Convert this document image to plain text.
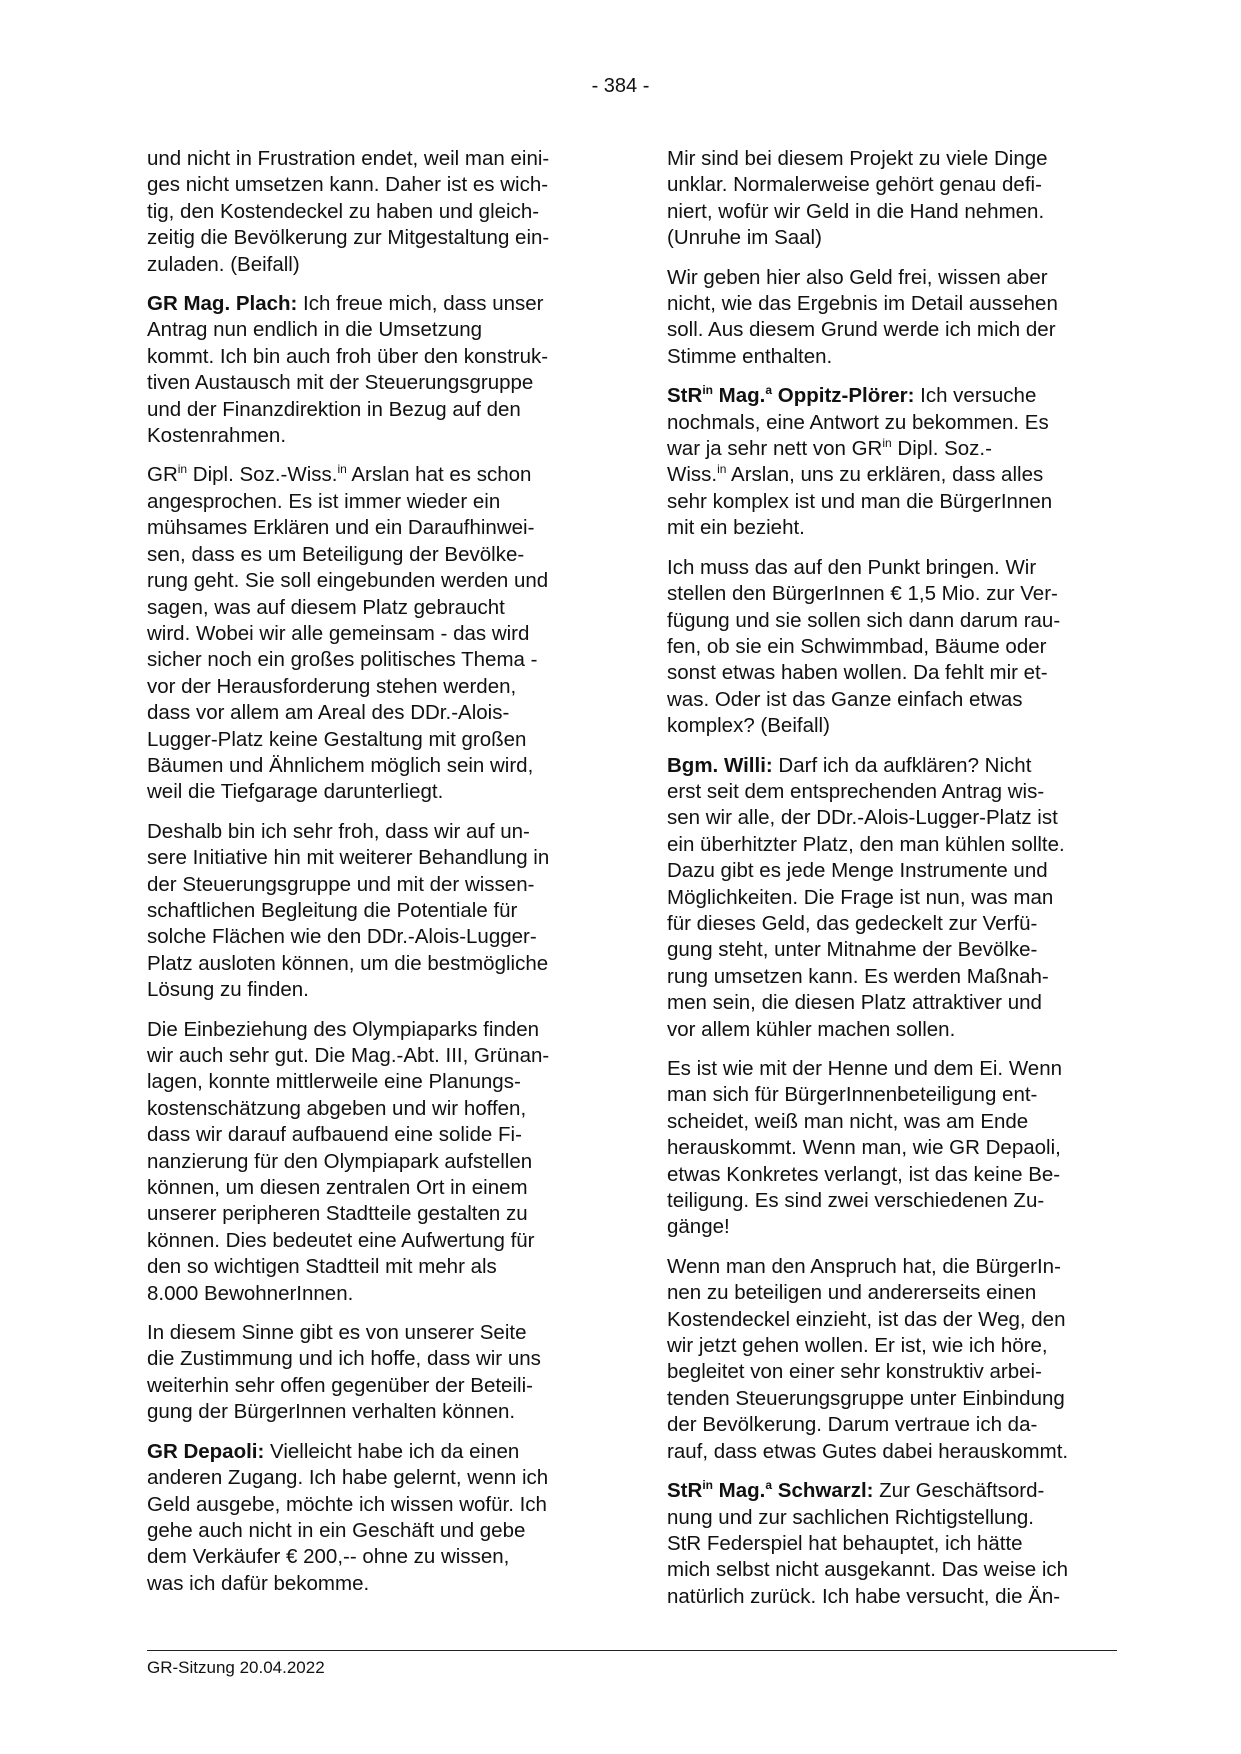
- 384 -

und nicht in Frustration endet, weil man eini-
ges nicht umsetzen kann. Daher ist es wich-
tig, den Kostendeckel zu haben und gleich-
zeitig die Bevölkerung zur Mitgestaltung ein-
zuladen. (Beifall)

GR Mag. Plach: Ich freue mich, dass unser
Antrag nun endlich in die Umsetzung
kommt. Ich bin auch froh über den konstruk-
tiven Austausch mit der Steuerungsgruppe
und der Finanzdirektion in Bezug auf den
Kostenrahmen.

$GR^{in}$ Dipl. Soz.-Wiss.$^{in}$ Arslan hat es schon
angesprochen. Es ist immer wieder ein
mühsames Erklären und ein Daraufhinwei-
sen, dass es um Beteiligung der Bevölke-
rung geht. Sie soll eingebunden werden und
sagen, was auf diesem Platz gebraucht
wird. Wobei wir alle gemeinsam - das wird
sicher noch ein großes politisches Thema -
vor der Herausforderung stehen werden,
dass vor allem am Areal des DDr.-Alois-
Lugger-Platz keine Gestaltung mit großen
Bäumen und Ähnlichem möglich sein wird,
weil die Tiefgarage darunterliegt.

Deshalb bin ich sehr froh, dass wir auf un-
sere Initiative hin mit weiterer Behandlung in
der Steuerungsgruppe und mit der wissen-
schaftlichen Begleitung die Potentiale für
solche Flächen wie den DDr.-Alois-Lugger-
Platz ausloten können, um die bestmögliche
Lösung zu finden.

Die Einbeziehung des Olympiaparks finden
wir auch sehr gut. Die Mag.-Abt. III, Grünan-
lagen, konnte mittlerweile eine Planungs-
kostenschätzung abgeben und wir hoffen,
dass wir darauf aufbauend eine solide Fi-
nanzierung für den Olympiapark aufstellen
können, um diesen zentralen Ort in einem
unserer peripheren Stadtteile gestalten zu
können. Dies bedeutet eine Aufwertung für
den so wichtigen Stadtteil mit mehr als
8.000 BewohnerInnen.

In diesem Sinne gibt es von unserer Seite
die Zustimmung und ich hoffe, dass wir uns
weiterhin sehr offen gegenüber der Beteili-
gung der BürgerInnen verhalten können.

GR Depaoli: Vielleicht habe ich da einen
anderen Zugang. Ich habe gelernt, wenn ich
Geld ausgebe, möchte ich wissen wofür. Ich
gehe auch nicht in ein Geschäft und gebe
dem Verkäufer € 200,-- ohne zu wissen,
was ich dafür bekomme.

Mir sind bei diesem Projekt zu viele Dinge
unklar. Normalerweise gehört genau defi-
niert, wofür wir Geld in die Hand nehmen.
(Unruhe im Saal)

Wir geben hier also Geld frei, wissen aber
nicht, wie das Ergebnis im Detail aussehen
soll. Aus diesem Grund werde ich mich der
Stimme enthalten.

StR$^{in}$ Mag.$^a$ Oppitz-Plörer: Ich versuche
nochmals, eine Antwort zu bekommen. Es
war ja sehr nett von $GR^{in}$ Dipl. Soz.-
Wiss.$^{in}$ Arslan, uns zu erklären, dass alles
sehr komplex ist und man die BürgerInnen
mit ein bezieht.

Ich muss das auf den Punkt bringen. Wir
stellen den BürgerInnen € 1,5 Mio. zur Ver-
fügung und sie sollen sich dann darum rau-
fen, ob sie ein Schwimmbad, Bäume oder
sonst etwas haben wollen. Da fehlt mir et-
was. Oder ist das Ganze einfach etwas
komplex? (Beifall)

Bgm. Willi: Darf ich da aufklären? Nicht
erst seit dem entsprechenden Antrag wis-
sen wir alle, der DDr.-Alois-Lugger-Platz ist
ein überhitzter Platz, den man kühlen sollte.
Dazu gibt es jede Menge Instrumente und
Möglichkeiten. Die Frage ist nun, was man
für dieses Geld, das gedeckelt zur Verfü-
gung steht, unter Mitnahme der Bevölke-
rung umsetzen kann. Es werden Maßnah-
men sein, die diesen Platz attraktiver und
vor allem kühler machen sollen.

Es ist wie mit der Henne und dem Ei. Wenn
man sich für BürgerInnenbeteiligung ent-
scheidet, weiß man nicht, was am Ende
herauskommt. Wenn man, wie GR Depaoli,
etwas Konkretes verlangt, ist das keine Be-
teiligung. Es sind zwei verschiedenen Zu-
gänge!

Wenn man den Anspruch hat, die BürgerIn-
nen zu beteiligen und andererseits einen
Kostendeckel einzieht, ist das der Weg, den
wir jetzt gehen wollen. Er ist, wie ich höre,
begleitet von einer sehr konstruktiv arbei-
tenden Steuerungsgruppe unter Einbindung
der Bevölkerung. Darum vertraue ich da-
rauf, dass etwas Gutes dabei herauskommt.

StR$^{in}$ Mag.$^a$ Schwarzl: Zur Geschäftsord-
nung und zur sachlichen Richtigstellung.
StR Federspiel hat behauptet, ich hätte
mich selbst nicht ausgekannt. Das weise ich
natürlich zurück. Ich habe versucht, die Än-

GR-Sitzung 20.04.2022
